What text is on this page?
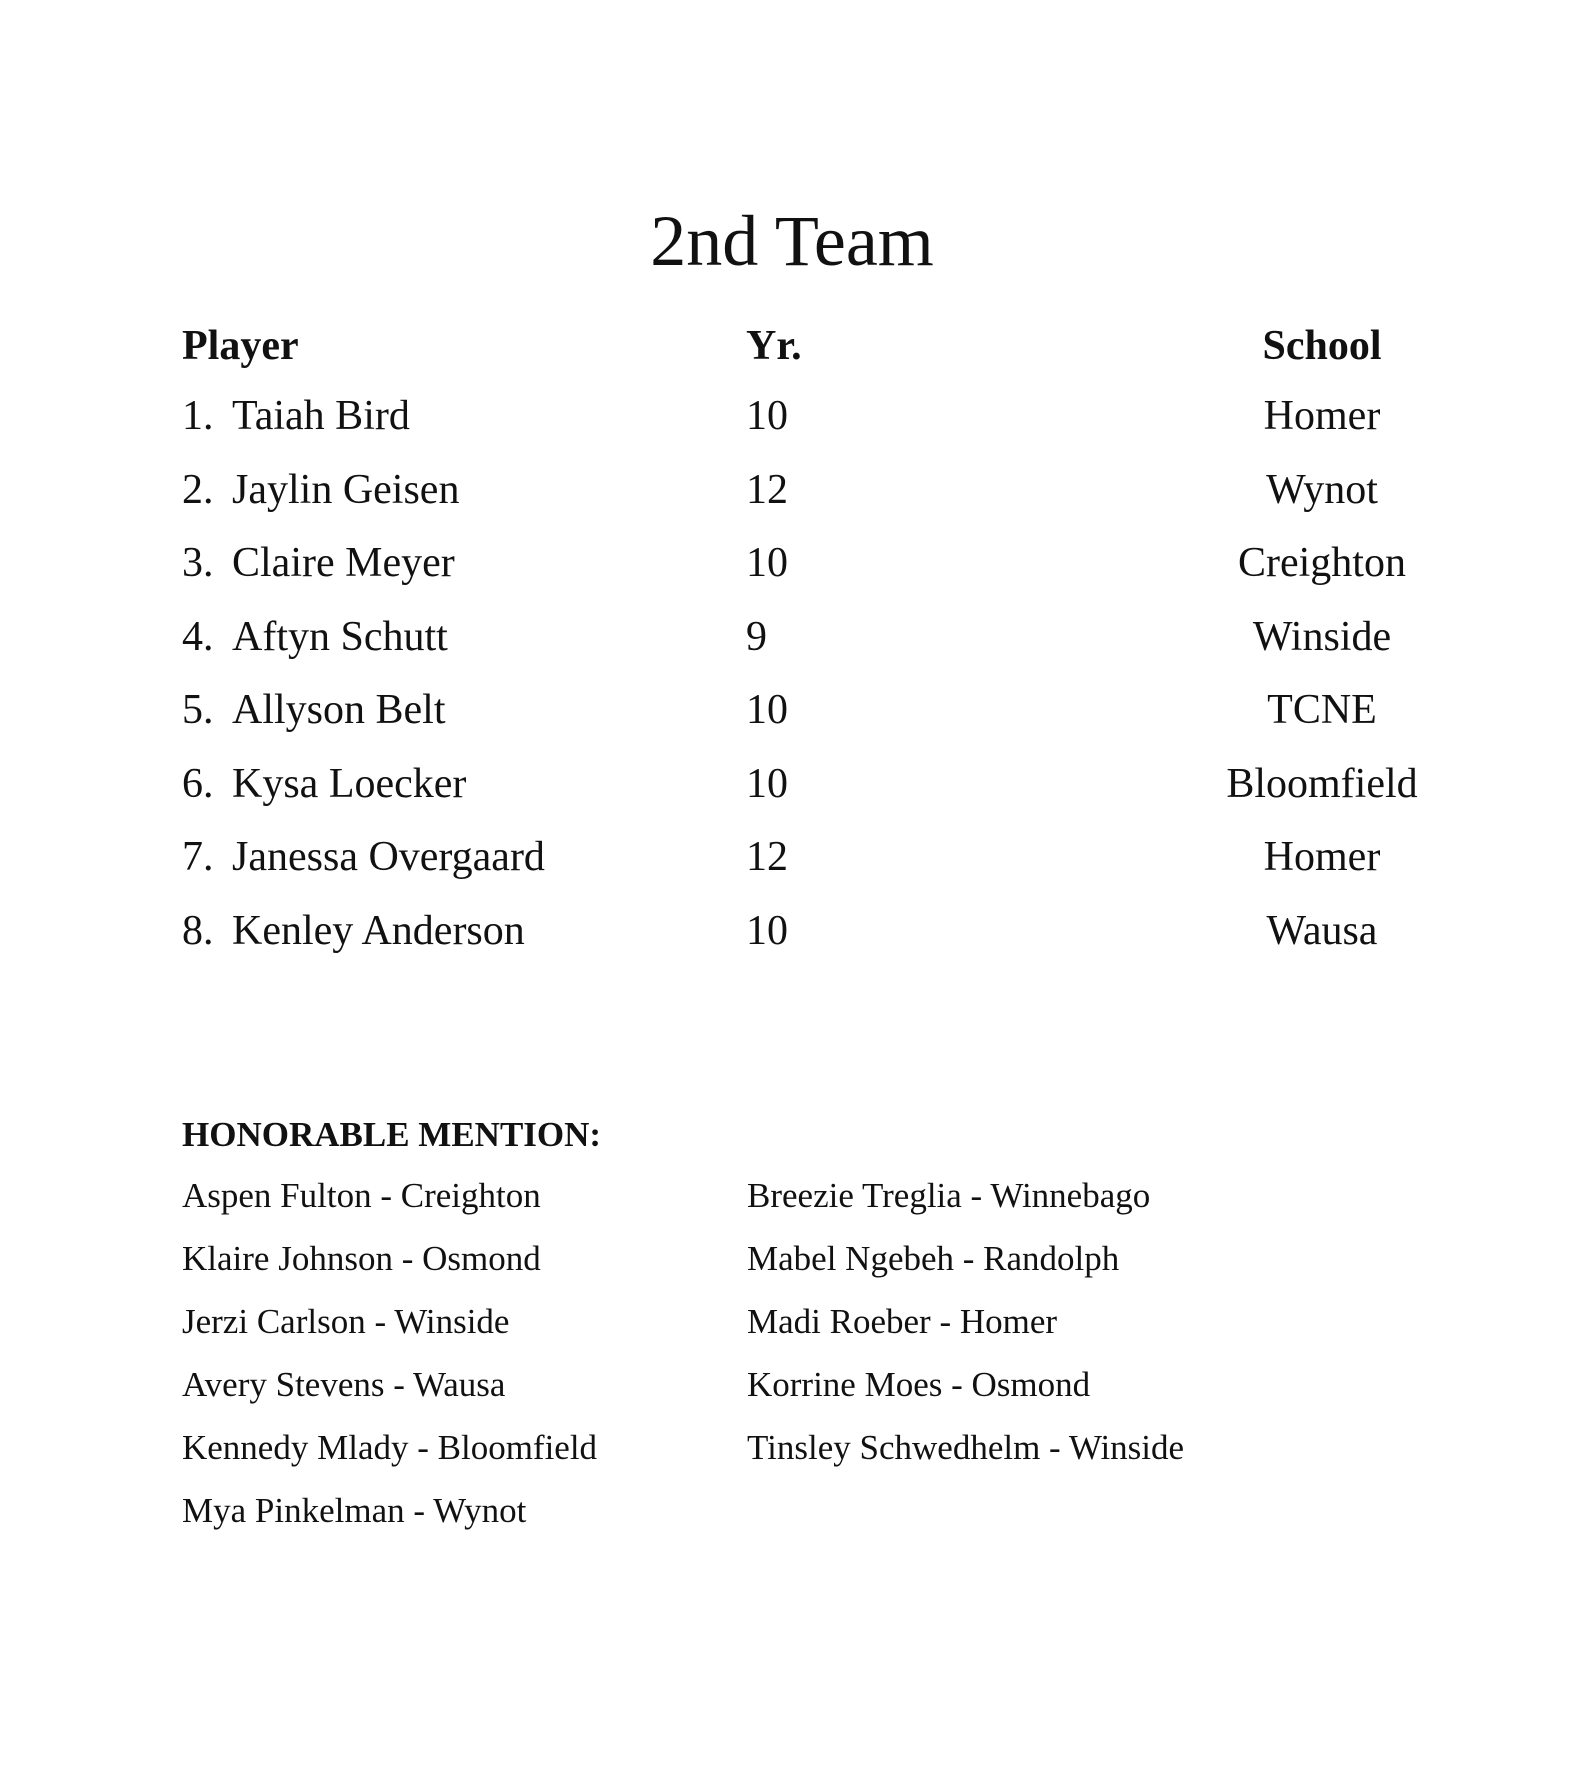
2nd Team
Player	Yr.	School
1. Taiah Bird	10	Homer
2. Jaylin Geisen	12	Wynot
3. Claire Meyer	10	Creighton
4. Aftyn Schutt	9	Winside
5. Allyson Belt	10	TCNE
6. Kysa Loecker	10	Bloomfield
7. Janessa Overgaard	12	Homer
8. Kenley Anderson	10	Wausa
HONORABLE MENTION:
Aspen Fulton - Creighton
Klaire Johnson - Osmond
Jerzi Carlson - Winside
Avery Stevens - Wausa
Kennedy Mlady - Bloomfield
Mya Pinkelman - Wynot
Breezie Treglia - Winnebago
Mabel Ngebeh - Randolph
Madi Roeber - Homer
Korrine Moes - Osmond
Tinsley Schwedhelm - Winside
